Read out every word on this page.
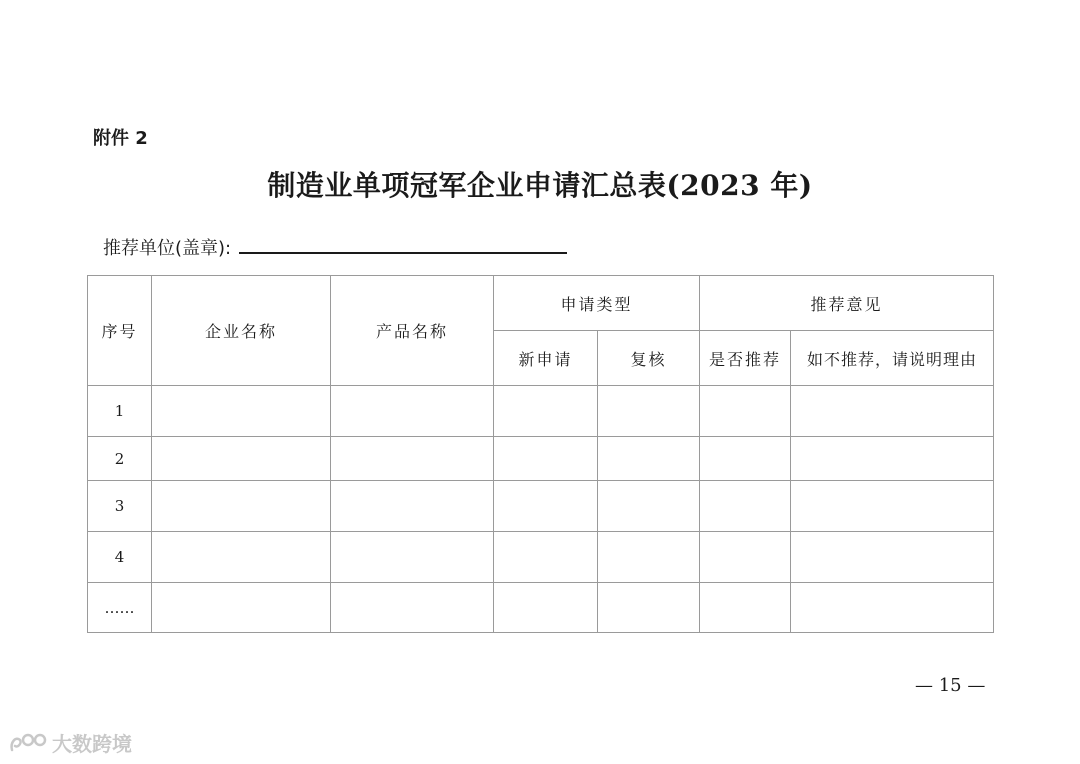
附件 2
制造业单项冠军企业申请汇总表(2023 年)
推荐单位(盖章):
序号	企业名称	产品名称	申请类型		推荐意见	
			新申请	复核	是否推荐	如不推荐，请说明理由
1						
2						
3						
4						
……						
— 15 —
大数跨境
